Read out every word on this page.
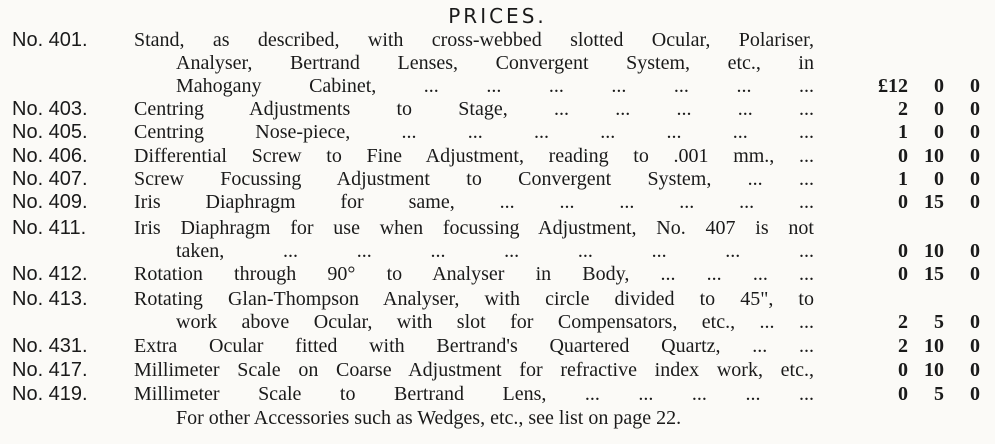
PRICES.
No. 401.	Stand, as described, with cross-webbed slotted Ocular, Polariser,
Analyser, Bertrand Lenses, Convergent System, etc., in
Mahogany Cabinet, ... ... ... ... ... ... ...	£12 0 0
No. 403.	Centring Adjustments to Stage, ... ... ... ... ...	2 0 0
No. 405.	Centring Nose-piece, ... ... ... ... ... ... ...	1 0 0
No. 406.	Differential Screw to Fine Adjustment, reading to .001 mm., ...	0 10 0
No. 407.	Screw Focussing Adjustment to Convergent System, ... ...	1 0 0
No. 409.	Iris Diaphragm for same, ... ... ... ... ... ...	0 15 0
No. 411.	Iris Diaphragm for use when focussing Adjustment, No. 407 is not
taken, ... ... ... ... ... ... ... ...	0 10 0
No. 412.	Rotation through 90° to Analyser in Body, ... ... ... ...	0 15 0
No. 413.	Rotating Glan-Thompson Analyser, with circle divided to 45", to
work above Ocular, with slot for Compensators, etc., ... ...	2 5 0
No. 431.	Extra Ocular fitted with Bertrand's Quartered Quartz, ... ...	2 10 0
No. 417.	Millimeter Scale on Coarse Adjustment for refractive index work, etc.,	0 10 0
No. 419.	Millimeter Scale to Bertrand Lens, ... ... ... ... ...	0 5 0
For other Accessories such as Wedges, etc., see list on page 22.
